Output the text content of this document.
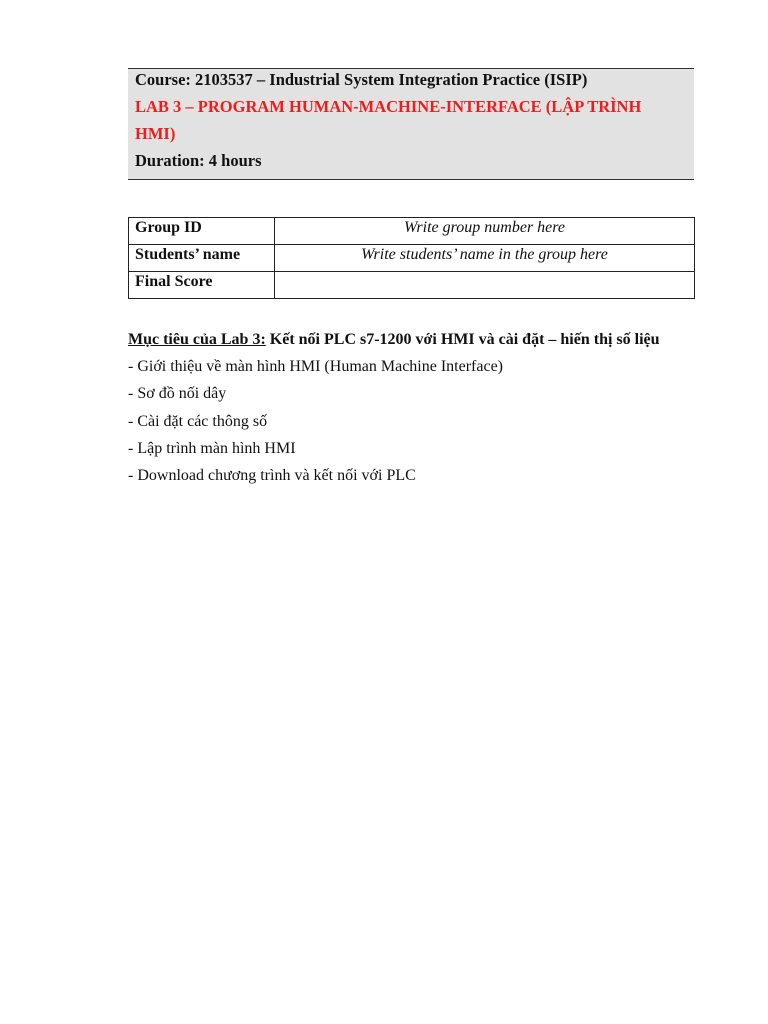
Course: 2103537 – Industrial System Integration Practice (ISIP)

LAB 3 – PROGRAM HUMAN-MACHINE-INTERFACE (LẬP TRÌNH

HMI)

Duration: 4 hours

Group ID	Write group number here
Students’ name	Write students’ name in the group here
Final Score	

Mục tiêu của Lab 3: Kết nối PLC s7-1200 với HMI và cài đặt – hiến thị số liệu

- Giới thiệu về màn hình HMI (Human Machine Interface)

- Sơ đồ nối dây

- Cài đặt các thông số

- Lập trình màn hình HMI

- Download chương trình và kết nối với PLC
